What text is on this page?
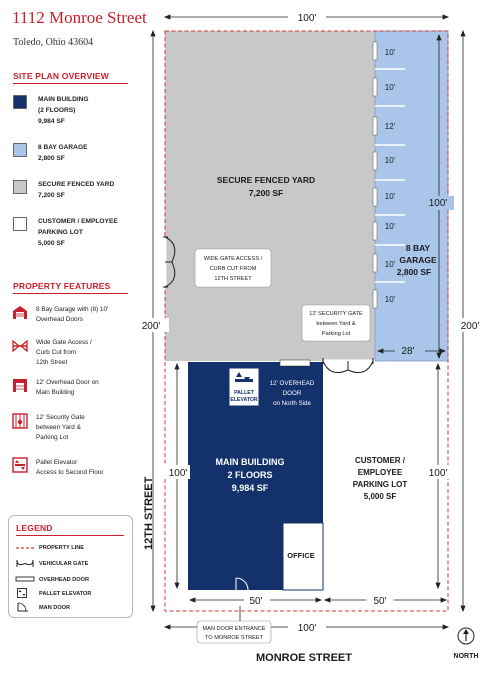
1112 Monroe Street
Toledo, Ohio 43604
SITE PLAN OVERVIEW
MAIN BUILDING
(2 FLOORS)
9,984 SF
8 BAY GARAGE
2,800 SF
SECURE FENCED YARD
7,200 SF
CUSTOMER / EMPLOYEE
PARKING LOT
5,000 SF
PROPERTY FEATURES
8 Bay Garage with (8) 10'
Overhead Doors
Wide Gate Access /
Curb Cut from
12th Street
12' Overhead Door on
Main Building
12' Security Gate
between Yard &
Parking Lot
Pallet Elevator
Access to Second Floor
LEGEND
PROPERTY LINE
VEHICULAR GATE
OVERHEAD DOOR
PALLET ELEVATOR
MAN DOOR
SECURE FENCED YARD
7,200 SF
8 BAY
GARAGE
2,800 SF
MAIN BUILDING
2 FLOORS
9,984 SF
CUSTOMER /
EMPLOYEE
PARKING LOT
5,000 SF
OFFICE
PALLET
ELEVATOR
12' OVERHEAD
DOOR
on North Side
WIDE GATE ACCESS /
CURB CUT FROM
12TH STREET
12' SECURITY GATE
between Yard &
Parking Lot
MAN DOOR ENTRANCE
TO MONROE STREET
10'
10'
12'
10'
10'
10'
10'
10'
100'
100'
200'	200'
100'
28'
100'	100'
50'	50'
12TH STREET
MONROE STREET	NORTH
